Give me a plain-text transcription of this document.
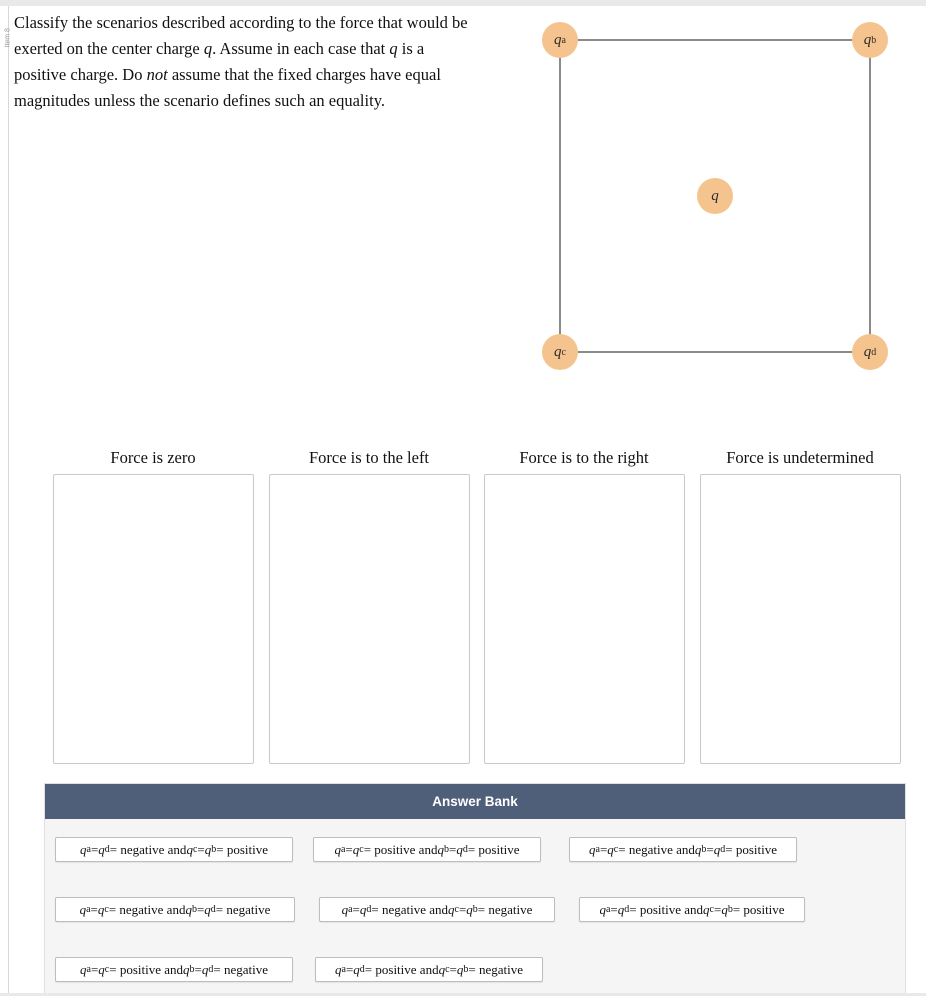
Item 8
Classify the scenarios described according to the force that would be exerted on the center charge q. Assume in each case that q is a positive charge. Do not assume that the fixed charges have equal magnitudes unless the scenario defines such an equality.
q a	q b
q c	q d
q
Force is zero	Force is to the left	Force is to the right	Force is undetermined
Answer Bank
q a = q d = negative and q c = q b = positive	q a = q c = positive and q b = q d = positive	q a = q c = negative and q b = q d = positive
q a = q c = negative and q b = q d = negative	q a = q d = negative and q c = q b = negative	q a = q d = positive and q c = q b = positive
q a = q c = positive and q b = q d = negative	q a = q d = positive and q c = q b = negative
